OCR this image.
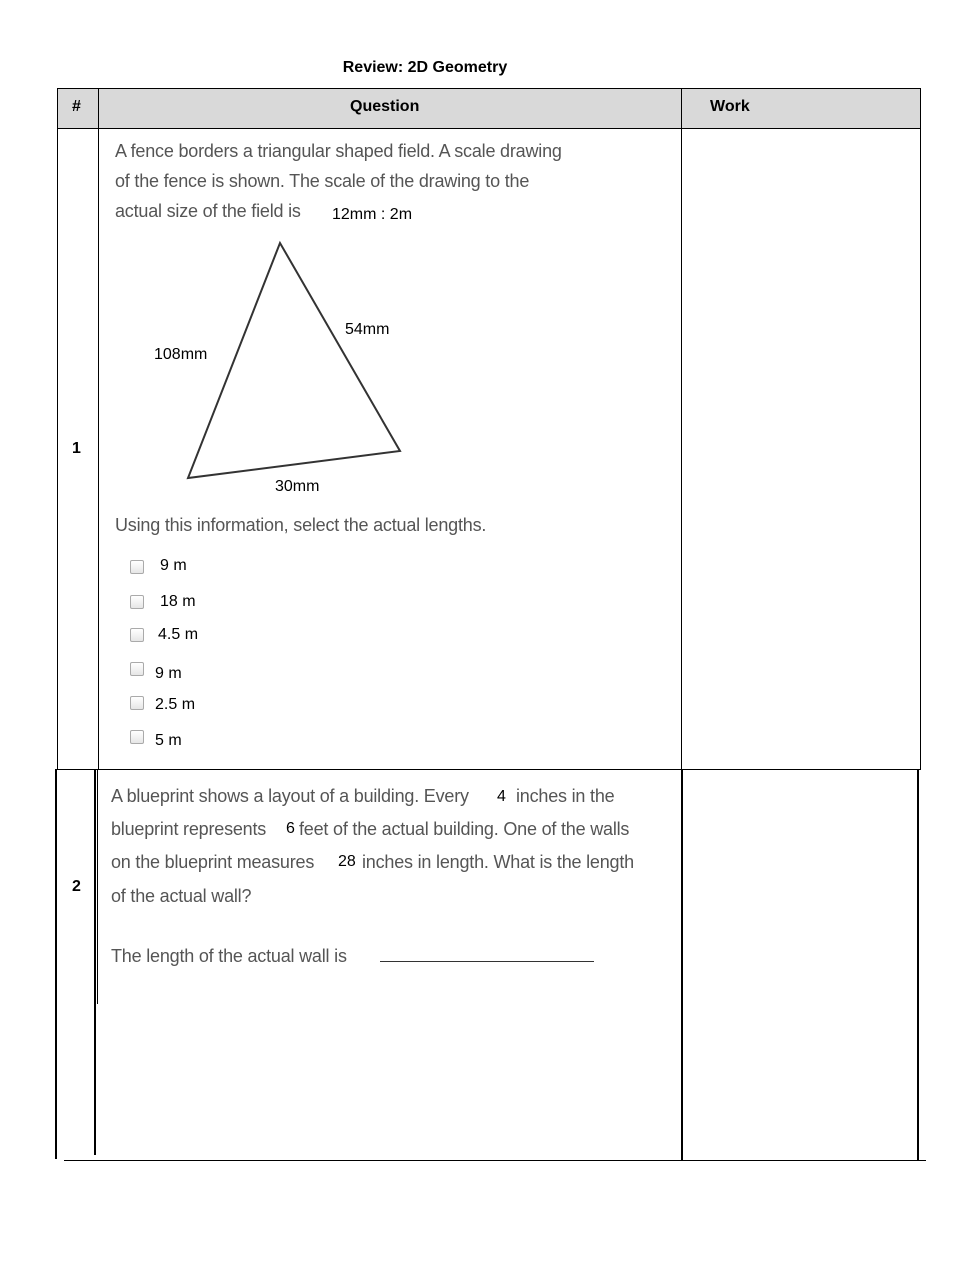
Review: 2D Geometry
#	Question	Work
1
A fence borders a triangular shaped field. A scale drawing
of the fence is shown. The scale of the drawing to the
actual size of the field is 12mm : 2m
108mm
54mm
30mm
Using this information, select the actual lengths.
9 m
18 m
4.5 m
9 m
2.5 m
5 m
2
A blueprint shows a layout of a building. Every 4 inches in the
blueprint represents 6 feet of the actual building. One of the walls
on the blueprint measures 28 inches in length. What is the length
of the actual wall?
The length of the actual wall is
